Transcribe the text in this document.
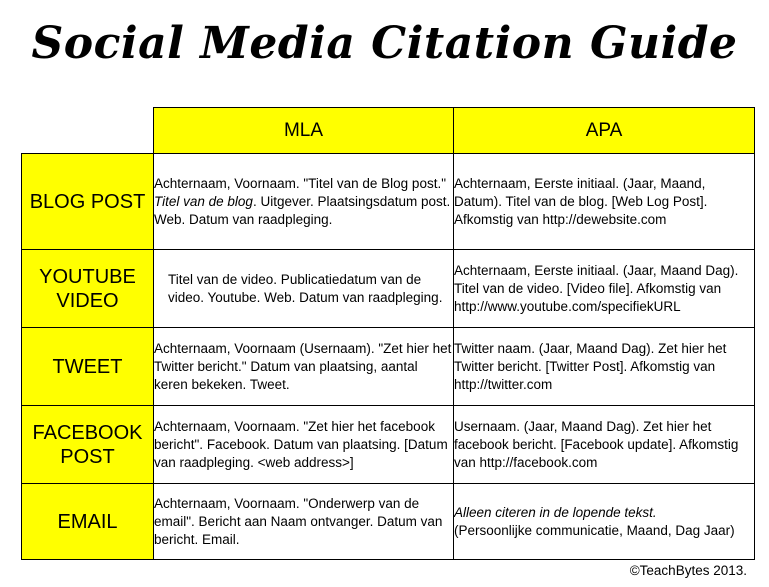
Social Media Citation Guide
	MLA	APA
BLOG POST	Achternaam, Voornaam. "Titel van de Blog post." Titel van de blog. Uitgever. Plaatsingsdatum post. Web. Datum van raadpleging.	Achternaam, Eerste initiaal. (Jaar, Maand, Datum). Titel van de blog. [Web Log Post]. Afkomstig van http://dewebsite.com

YOUTUBE VIDEO	Titel van de video. Publicatiedatum van de video. Youtube. Web. Datum van raadpleging.	Achternaam, Eerste initiaal. (Jaar, Maand Dag). Titel van de video. [Video file]. Afkomstig van http://www.youtube.com/specifiekURL

TWEET	Achternaam, Voornaam (Usernaam). "Zet hier het Twitter bericht." Datum van plaatsing, aantal keren bekeken. Tweet.	Twitter naam. (Jaar, Maand Dag). Zet hier het Twitter bericht. [Twitter Post]. Afkomstig van http://twitter.com

FACEBOOK POST	Achternaam, Voornaam. "Zet hier het facebook bericht". Facebook. Datum van plaatsing. [Datum van raadpleging. <web address>]	Usernaam. (Jaar, Maand Dag). Zet hier het facebook bericht. [Facebook update]. Afkomstig van http://facebook.com

EMAIL	Achternaam, Voornaam. "Onderwerp van de email". Bericht aan Naam ontvanger. Datum van bericht. Email.	Alleen citeren in de lopende tekst.
(Persoonlijke communicatie, Maand, Dag Jaar)
©TeachBytes 2013.
